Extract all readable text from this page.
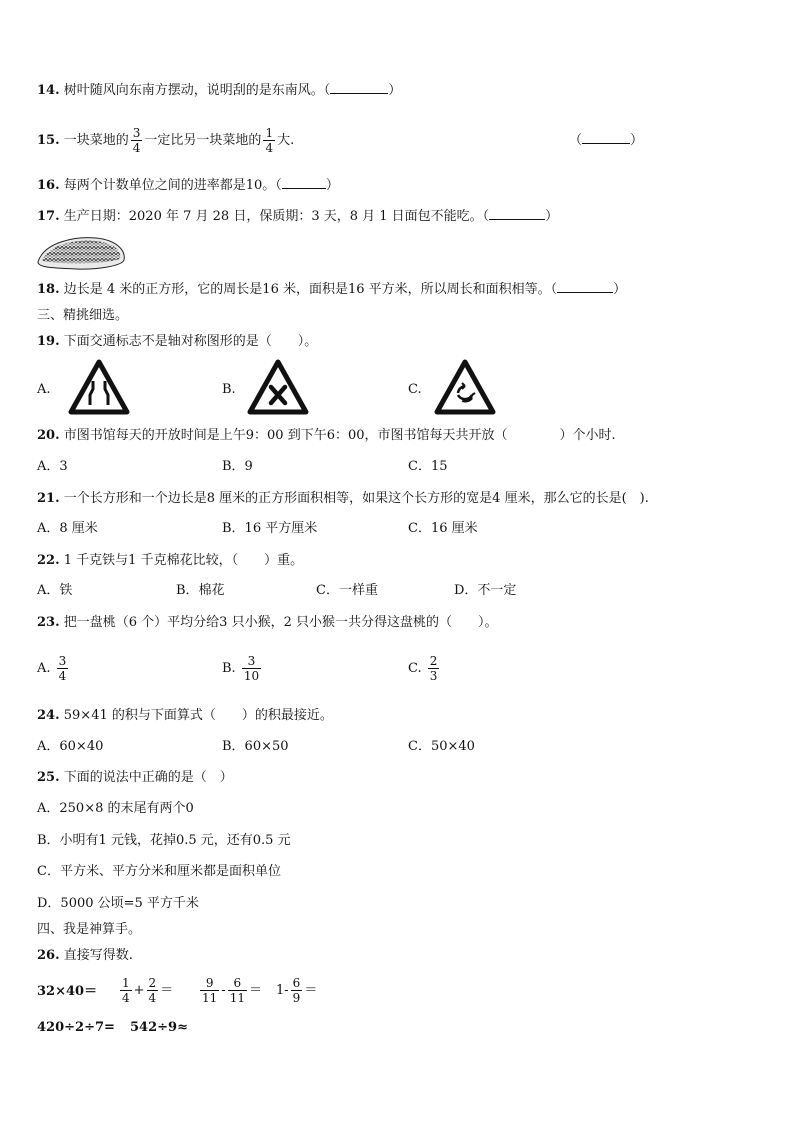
14. 树叶随风向东南方摆动，说明刮的是东南风。（	）
15. 一块菜地的 $\frac{3}{4}$ 一定比另一块菜地的 $\frac{1}{4}$ 大.	（	）
16. 每两个计数单位之间的进率都是10。（	）
17. 生产日期：2020 年 7 月 28 日，保质期：3 天，8 月 1 日面包不能吃。（	）
18. 边长是 4 米的正方形，它的周长是16 米，面积是16 平方米，所以周长和面积相等。（	）
三、精挑细选。
19. 下面交通标志不是轴对称图形的是（　　）。
A.	B.	C.
20. 市图书馆每天的开放时间是上午9：00 到下午6：00，市图书馆每天共开放（　　　　）个小时.
A．3	B．9	C．15
21. 一个长方形和一个边长是8 厘米的正方形面积相等，如果这个长方形的宽是4 厘米，那么它的长是(　).
A．8 厘米	B．16 平方厘米	C．16 厘米
22. 1 千克铁与1 千克棉花比较，（　　）重。
A．铁	B．棉花	C．一样重	D．不一定
23. 把一盘桃（6 个）平均分给3 只小猴，2 只小猴一共分得这盘桃的（　　）。
A. $\frac{3}{4}$	B. $\frac{3}{10}$	C. $\frac{2}{3}$
24. 59×41 的积与下面算式（　　）的积最接近。
A．60×40	B．60×50	C．50×40
25. 下面的说法中正确的是（　）
A．250×8 的末尾有两个0
B．小明有1 元钱，花掉0.5 元，还有0.5 元
C．平方米、平方分米和厘米都是面积单位
D．5000 公顷=5 平方千米
四、我是神算手。
26. 直接写得数.
$32\times 40= \frac{1}{4} + \frac{2}{4} = \frac{9}{11} - \frac{6}{11} = 1- \frac{6}{9}$ ＝
420÷2÷7= 542÷9≈
